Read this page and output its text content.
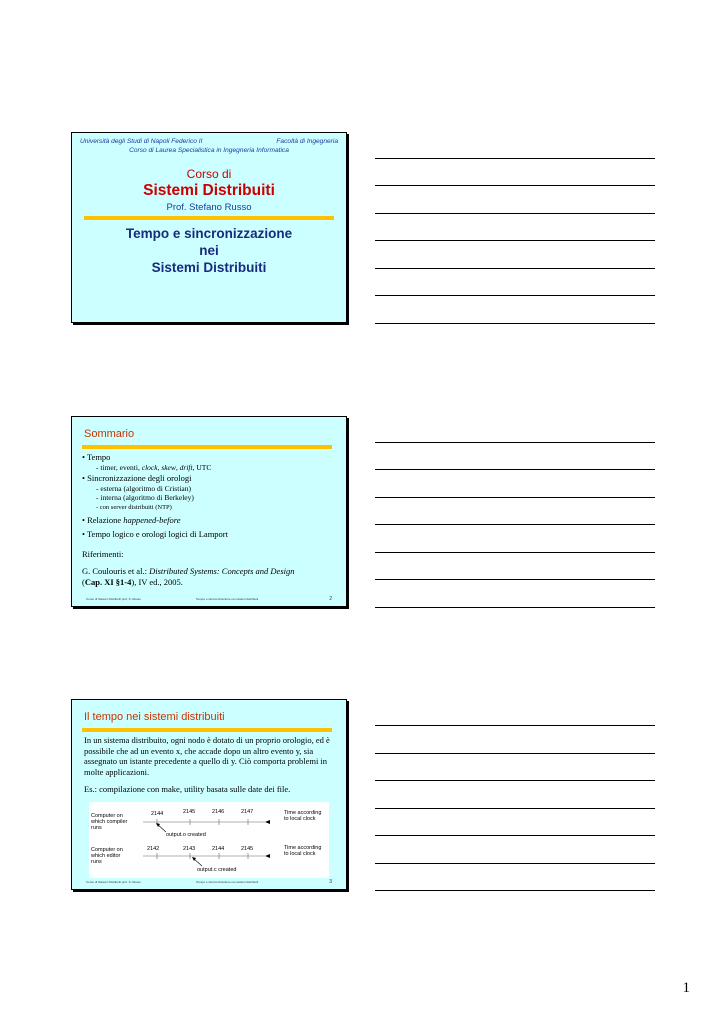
Università degli Studi di Napoli Federico II	Facoltà di Ingegneria
Corso di Laurea Specialistica in Ingegneria Informatica
Corso di
Sistemi Distribuiti
Prof. Stefano Russo
Tempo e sincronizzazione
nei
Sistemi Distribuiti
Sommario

• Tempo

- timer, eventi, clock, skew, drift, UTC

• Sincronizzazione degli orologi

- esterna (algoritmo di Cristian)

- interna (algoritmo di Berkeley)

- con server distribuiti (NTP)

• Relazione happened-before

• Tempo logico e orologi logici di Lamport

Riferimenti:
G. Coulouris et al.: Distributed Systems: Concepts and Design
(Cap. XI §1-4), IV ed., 2005.
Corso di Sistemi Distribuiti prof. S. Russo	Tempo e sincronizzazione nei sistemi distribuiti	2
Il tempo nei sistemi distribuiti
In un sistema distribuito, ogni nodo è dotato di un proprio orologio, ed è possibile che ad un evento x, che accade dopo un altro evento y, sia assegnato un istante precedente a quello di y. Ciò comporta problemi in molte applicazioni.
Es.: compilazione con make, utility basata sulle date dei file.
Computer on which compiler runs
2144	2145	2146	2147
output.o created
Time according to local clock
Computer on which editor runs
2142	2143	2144	2145
output.c created
Time according to local clock
Corso di Sistemi Distribuiti prof. S. Russo	Tempo e sincronizzazione nei sistemi distribuiti	3
1
